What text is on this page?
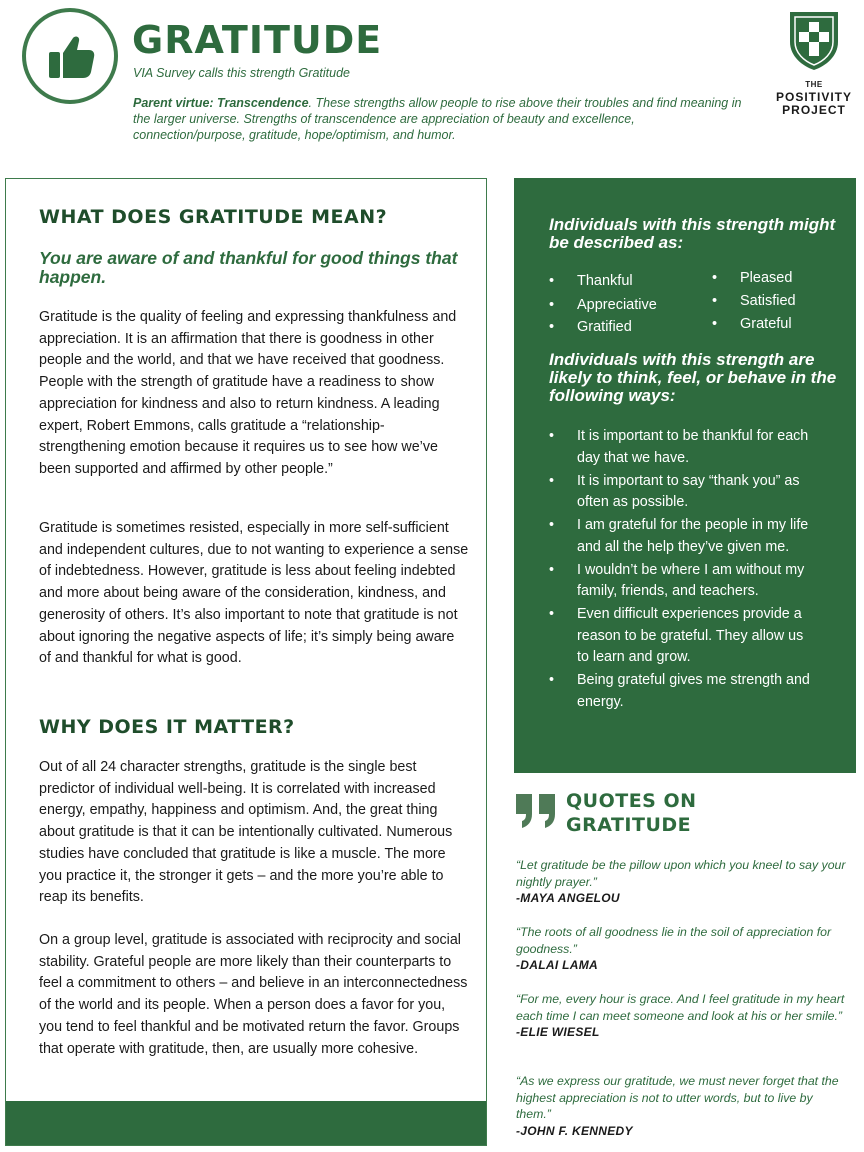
GRATITUDE
VIA Survey calls this strength Gratitude
Parent virtue: Transcendence. These strengths allow people to rise above their troubles and find meaning in the larger universe. Strengths of transcendence are appreciation of beauty and excellence, connection/purpose, gratitude, hope/optimism, and humor.
THE
POSITIVITY
PROJECT
WHAT DOES GRATITUDE MEAN?

You are aware of and thankful for good things that happen.

Gratitude is the quality of feeling and expressing thankfulness and appreciation. It is an affirmation that there is goodness in other people and the world, and that we have received that goodness. People with the strength of gratitude have a readiness to show appreciation for kindness and also to return kindness. A leading expert, Robert Emmons, calls gratitude a “relationship-strengthening emotion because it requires us to see how we’ve been supported and affirmed by other people.”

Gratitude is sometimes resisted, especially in more self-sufficient and independent cultures, due to not wanting to experience a sense of indebtedness. However, gratitude is less about feeling indebted and more about being aware of the consideration, kindness, and generosity of others. It’s also important to note that gratitude is not about ignoring the negative aspects of life; it’s simply being aware of and thankful for what is good.

WHY DOES IT MATTER?

Out of all 24 character strengths, gratitude is the single best predictor of individual well-being. It is correlated with increased energy, empathy, happiness and optimism. And, the great thing about gratitude is that it can be intentionally cultivated. Numerous studies have concluded that gratitude is like a muscle. The more you practice it, the stronger it gets – and the more you’re able to reap its benefits.

On a group level, gratitude is associated with reciprocity and social stability. Grateful people are more likely than their counterparts to feel a commitment to others – and believe in an interconnectedness of the world and its people. When a person does a favor for you, you tend to feel thankful and be motivated return the favor. Groups that operate with gratitude, then, are usually more cohesive.

Individuals with this strength might be described as:
• Thankful
• Appreciative
• Gratified
• Pleased
• Satisfied
• Grateful
Individuals with this strength are likely to think, feel, or behave in the following ways:
• It is important to be thankful for each day that we have.
• It is important to say “thank you” as often as possible.
• I am grateful for the people in my life and all the help they’ve given me.
• I wouldn’t be where I am without my family, friends, and teachers.
• Even difficult experiences provide a reason to be grateful. They allow us to learn and grow.
• Being grateful gives me strength and energy.
QUOTES ON
GRATITUDE
“Let gratitude be the pillow upon which you kneel to say your nightly prayer.”
-MAYA ANGELOU
“The roots of all goodness lie in the soil of appreciation for goodness.”
-DALAI LAMA
“For me, every hour is grace. And I feel gratitude in my heart each time I can meet someone and look at his or her smile.”
-ELIE WIESEL
“As we express our gratitude, we must never forget that the highest appreciation is not to utter words, but to live by them.”
-JOHN F. KENNEDY
